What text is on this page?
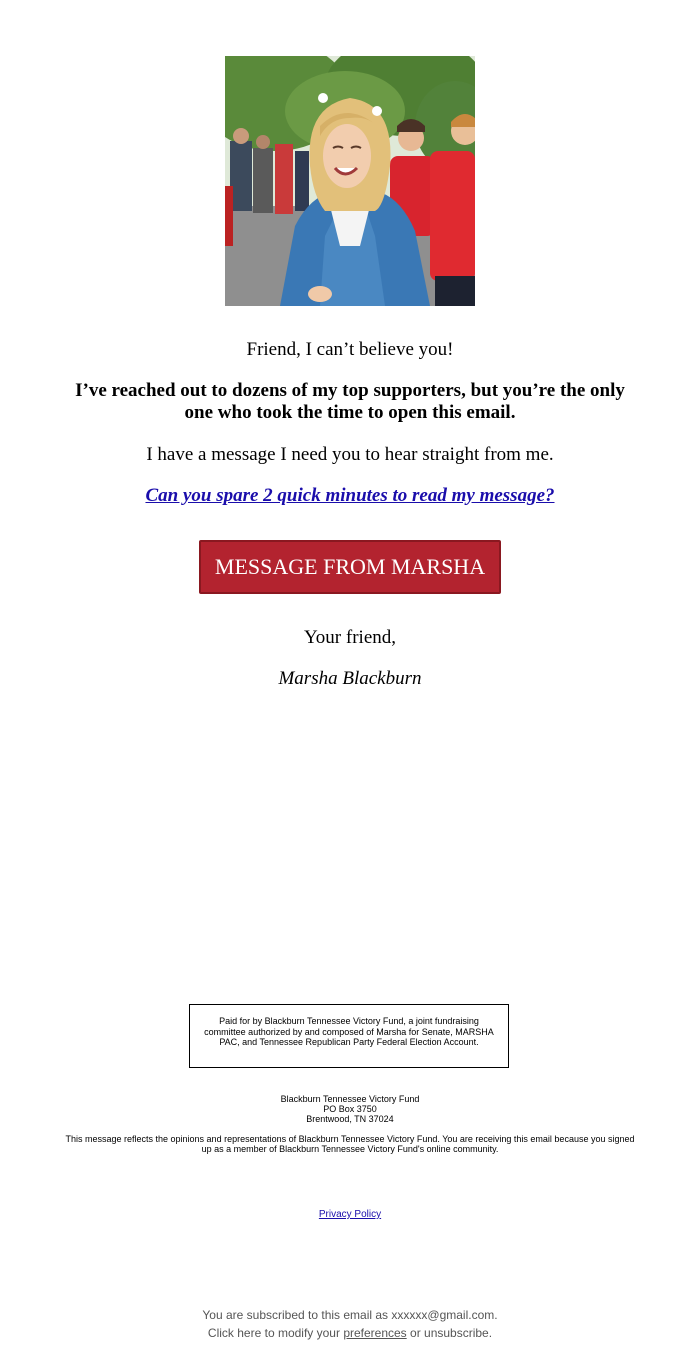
Friend, I can’t believe you!
I’ve reached out to dozens of my top supporters, but you’re the only one who took the time to open this email.
I have a message I need you to hear straight from me.
Can you spare 2 quick minutes to read my message?
MESSAGE FROM MARSHA
Your friend,
Marsha Blackburn
Paid for by Blackburn Tennessee Victory Fund, a joint fundraising committee authorized by and composed of Marsha for Senate, MARSHA PAC, and Tennessee Republican Party Federal Election Account.
Blackburn Tennessee Victory Fund
PO Box 3750
Brentwood, TN 37024
This message reflects the opinions and representations of Blackburn Tennessee Victory Fund. You are receiving this email because you signed up as a member of Blackburn Tennessee Victory Fund's online community.
Privacy Policy
You are subscribed to this email as xxxxxx@gmail.com.
Click here to modify your preferences or unsubscribe.
